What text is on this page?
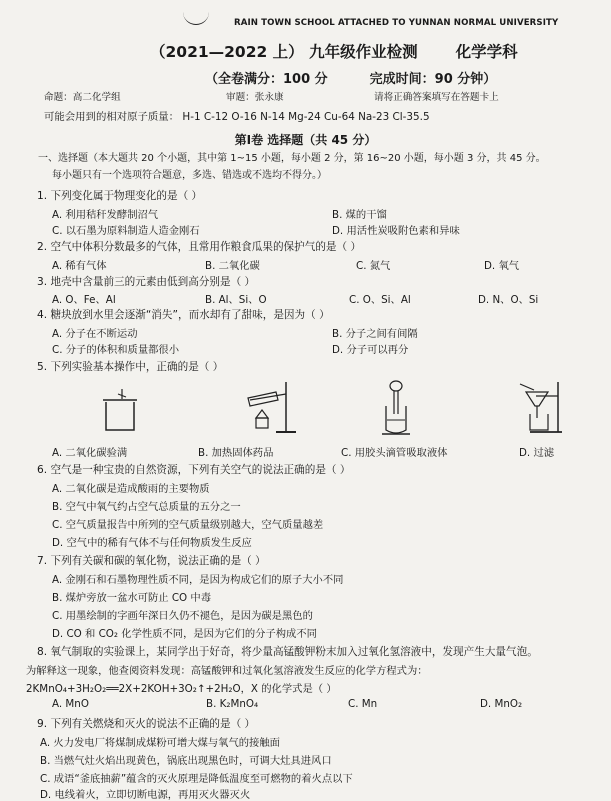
RAIN TOWN SCHOOL ATTACHED TO YUNNAN NORMAL UNIVERSITY
（2021—2022 上） 九年级作业检测 化学学科
（全卷满分：100 分	完成时间：90 分钟）
命题：高二化学组	审题：张永康	请将正确答案填写在答题卡上
可能会用到的相对原子质量： H-1 C-12 O-16 N-14 Mg-24 Cu-64 Na-23 Cl-35.5
第Ⅰ卷 选择题（共 45 分）
一、选择题（本大题共 20 个小题，其中第 1~15 小题，每小题 2 分，第 16~20 小题，每小题 3 分，共 45 分。
每小题只有一个选项符合题意，多选、错选或不选均不得分。）
1. 下列变化属于物理变化的是（ ）
A. 利用秸秆发酵制沼气	B. 煤的干馏
C. 以石墨为原料制造人造金刚石	D. 用活性炭吸附色素和异味
2. 空气中体积分数最多的气体，且常用作粮食瓜果的保护气的是（ ）
A. 稀有气体	B. 二氧化碳	C. 氮气	D. 氧气
3. 地壳中含量前三的元素由低到高分别是（ ）
A. O、Fe、Al	B. Al、Si、O	C. O、Si、Al	D. N、O、Si
4. 糖块放到水里会逐渐“消失”，而水却有了甜味，是因为（ ）
A. 分子在不断运动	B. 分子之间有间隔
C. 分子的体积和质量都很小	D. 分子可以再分
5. 下列实验基本操作中，正确的是（ ）
A. 二氧化碳验满	B. 加热固体药品	C. 用胶头滴管吸取液体	D. 过滤
6. 空气是一种宝贵的自然资源，下列有关空气的说法正确的是（ ）
A. 二氧化碳是造成酸雨的主要物质
B. 空气中氧气约占空气总质量的五分之一
C. 空气质量报告中所列的空气质量级别越大，空气质量越差
D. 空气中的稀有气体不与任何物质发生反应
7. 下列有关碳和碳的氧化物，说法正确的是（ ）
A. 金刚石和石墨物理性质不同，是因为构成它们的原子大小不同
B. 煤炉旁放一盆水可防止 CO 中毒
C. 用墨绘制的字画年深日久仍不褪色，是因为碳是黑色的
D. CO 和 CO₂ 化学性质不同，是因为它们的分子构成不同
8. 氧气制取的实验课上，某同学出于好奇，将少量高锰酸钾粉末加入过氧化氢溶液中，发现产生大量气泡。
为解释这一现象，他查阅资料发现：高锰酸钾和过氧化氢溶液发生反应的化学方程式为：
2KMnO₄+3H₂O₂══2X+2KOH+3O₂↑+2H₂O，X 的化学式是（ ）
A. MnO	B. K₂MnO₄	C. Mn	D. MnO₂
9. 下列有关燃烧和灭火的说法不正确的是（ ）
A. 火力发电厂将煤制成煤粉可增大煤与氧气的接触面
B. 当燃气灶火焰出现黄色，锅底出现黑色时，可调大灶具进风口
C. 成语“釜底抽薪”蕴含的灭火原理是降低温度至可燃物的着火点以下
D. 电线着火，立即切断电源，再用灭火器灭火
